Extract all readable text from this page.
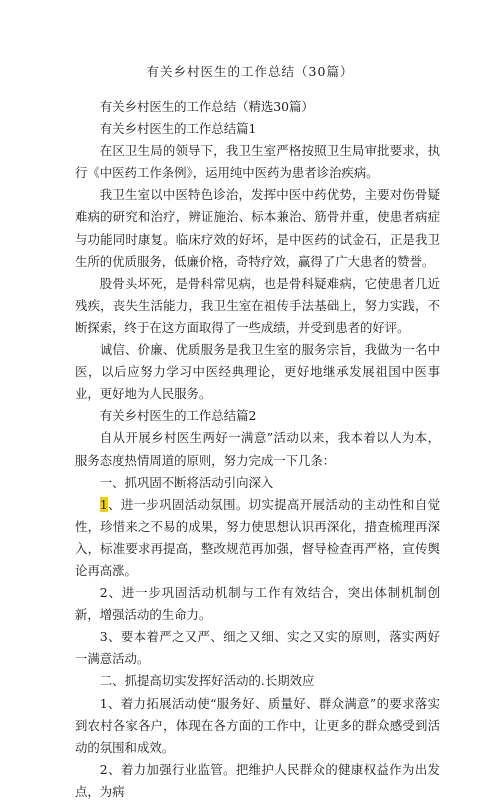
有关乡村医生的工作总结（30篇）

有关乡村医生的工作总结（精选30篇）

有关乡村医生的工作总结篇1

在区卫生局的领导下，我卫生室严格按照卫生局审批要求，执行《中医药工作条例》，运用纯中医药为患者诊治疾病。

我卫生室以中医特色诊治，发挥中医中药优势，主要对伤骨疑难病的研究和治疗，辨证施治、标本兼治、筋骨并重，使患者病症与功能同时康复。临床疗效的好坏，是中医药的试金石，正是我卫生所的优质服务，低廉价格，奇特疗效，赢得了广大患者的赞誉。

股骨头坏死，是骨科常见病，也是骨科疑难病，它使患者几近残疾，丧失生活能力，我卫生室在祖传手法基础上，努力实践，不断探索，终于在这方面取得了一些成绩，并受到患者的好评。

诚信、价廉、优质服务是我卫生室的服务宗旨，我做为一名中医，以后应努力学习中医经典理论，更好地继承发展祖国中医事业，更好地为人民服务。

有关乡村医生的工作总结篇2

自从开展乡村医生两好一满意”活动以来，我本着以人为本，服务态度热情周道的原则，努力完成一下几条：

一、抓巩固不断将活动引向深入

1、进一步巩固活动氛围。切实提高开展活动的主动性和自觉性，珍惜来之不易的成果，努力使思想认识再深化，措查梳理再深入，标准要求再提高，整改规范再加强，督导检查再严格，宣传舆论再高涨。

2、进一步巩固活动机制与工作有效结合，突出体制机制创新，增强活动的生命力。

3、要本着严之又严、细之又细、实之又实的原则，落实两好一满意活动。

二、抓提高切实发挥好活动的.长期效应

1、着力拓展活动使“服务好、质量好、群众满意”的要求落实到农村各家各户，体现在各方面的工作中，让更多的群众感受到活动的氛围和成效。

2、着力加强行业监管。把维护人民群众的健康权益作为出发点，为病
